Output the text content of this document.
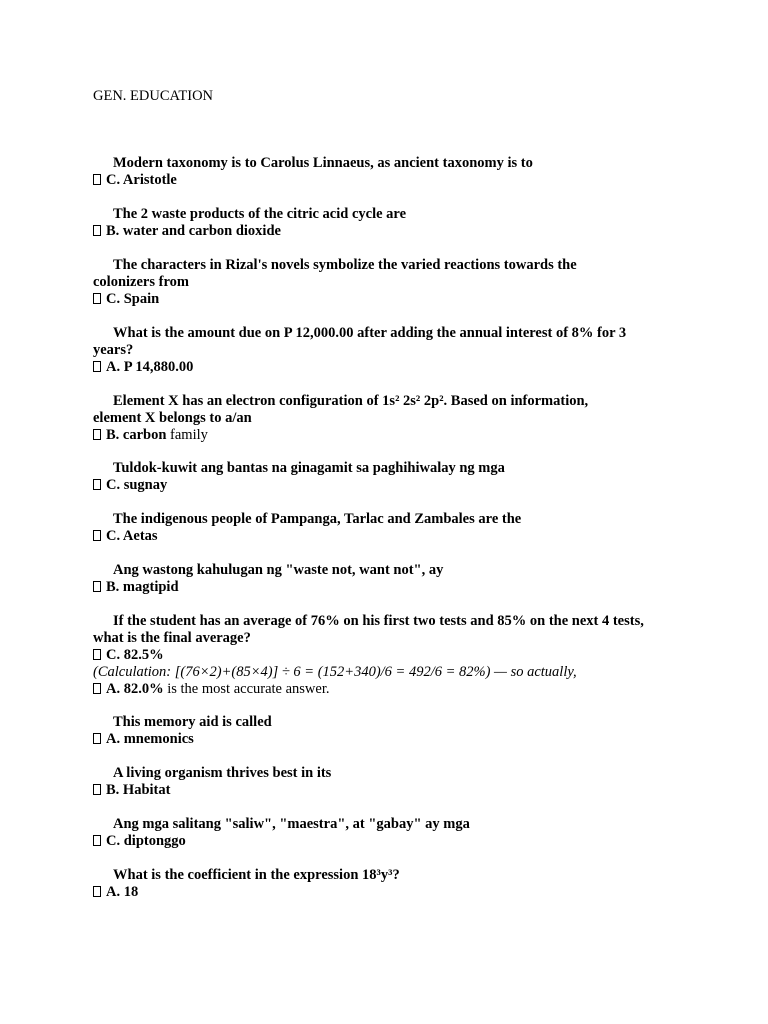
GEN. EDUCATION
Modern taxonomy is to Carolus Linnaeus, as ancient taxonomy is to
C. Aristotle
The 2 waste products of the citric acid cycle are
B. water and carbon dioxide
The characters in Rizal's novels symbolize the varied reactions towards the colonizers from
C. Spain
What is the amount due on P 12,000.00 after adding the annual interest of 8% for 3 years?
A. P 14,880.00
Element X has an electron configuration of 1s² 2s² 2p². Based on information, element X belongs to a/an
B. carbon family
Tuldok-kuwit ang bantas na ginagamit sa paghihiwalay ng mga
C. sugnay
The indigenous people of Pampanga, Tarlac and Zambales are the
C. Aetas
Ang wastong kahulugan ng "waste not, want not", ay
B. magtipid
If the student has an average of 76% on his first two tests and 85% on the next 4 tests, what is the final average?
C. 82.5%
(Calculation: [(76×2)+(85×4)] ÷ 6 = (152+340)/6 = 492/6 = 82%) — so actually,
A. 82.0% is the most accurate answer.
This memory aid is called
A. mnemonics
A living organism thrives best in its
B. Habitat
Ang mga salitang "saliw", "maestra", at "gabay" ay mga
C. diptonggo
What is the coefficient in the expression 18³y³?
A. 18
